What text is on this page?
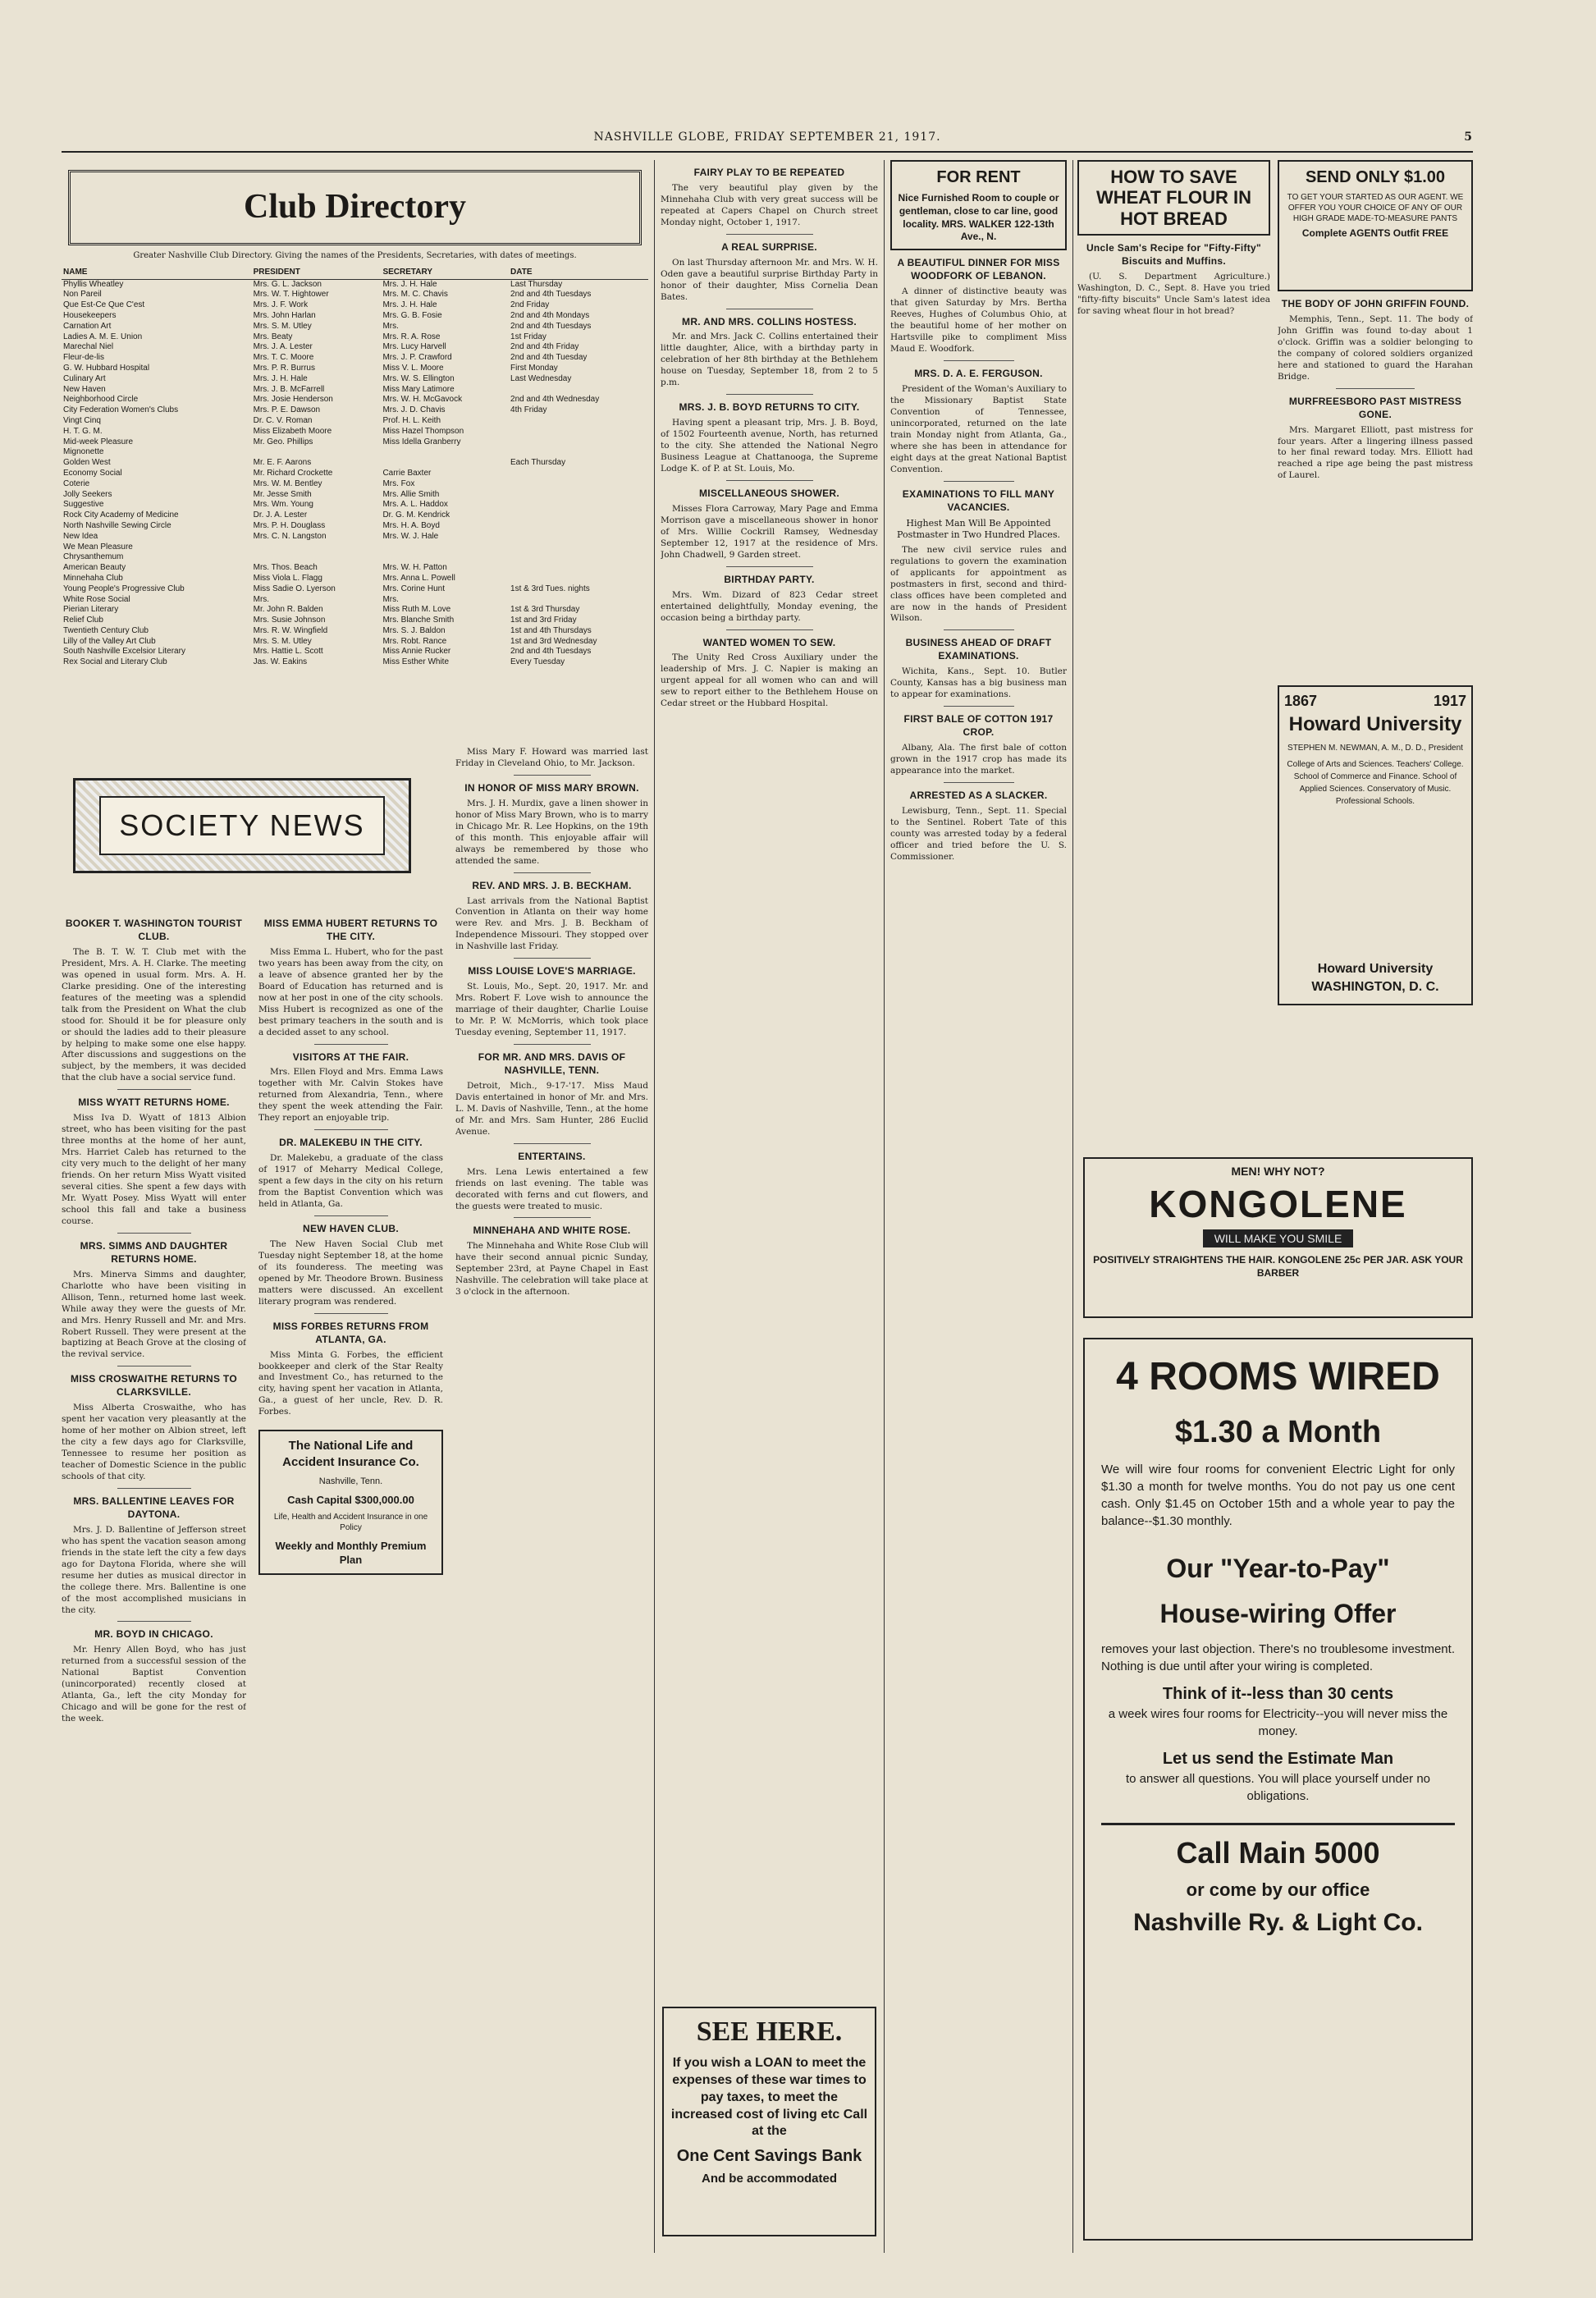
NASHVILLE GLOBE, FRIDAY SEPTEMBER 21, 1917.	5
Club Directory
Greater Nashville Club Directory. Giving the names of the Presidents, Secretaries, with dates of meetings.
NAME	PRESIDENT	SECRETARY	DATE
Phyllis Wheatley	Mrs. G. L. Jackson	Mrs. J. H. Hale	Last Thursday
Non Pareil	Mrs. W. T. Hightower	Mrs. M. C. Chavis	2nd and 4th Tuesdays
Que Est-Ce Que C'est	Mrs. J. F. Work	Mrs. J. H. Hale	2nd Friday
Housekeepers	Mrs. John Harlan	Mrs. G. B. Fosie	2nd and 4th Mondays
Carnation Art	Mrs. S. M. Utley	Mrs.	2nd and 4th Tuesdays
Ladies A. M. E. Union	Mrs. Beaty	Mrs. R. A. Rose	1st Friday
Marechal Niel	Mrs. J. A. Lester	Mrs. Lucy Harvell	2nd and 4th Friday
Fleur-de-lis	Mrs. T. C. Moore	Mrs. J. P. Crawford	2nd and 4th Tuesday
G. W. Hubbard Hospital	Mrs. P. R. Burrus	Miss V. L. Moore	First Monday
Culinary Art	Mrs. J. H. Hale	Mrs. W. S. Ellington	Last Wednesday
New Haven	Mrs. J. B. McFarrell	Miss Mary Latimore	
Neighborhood Circle	Mrs. Josie Henderson	Mrs. W. H. McGavock	2nd and 4th Wednesday
City Federation Women's Clubs	Mrs. P. E. Dawson	Mrs. J. D. Chavis	4th Friday
Vingt Cinq	Dr. C. V. Roman	Prof. H. L. Keith	
H. T. G. M.	Miss Elizabeth Moore	Miss Hazel Thompson	
Mid-week Pleasure	Mr. Geo. Phillips	Miss Idella Granberry	
Mignonette			
Golden West	Mr. E. F. Aarons		Each Thursday
Economy Social	Mr. Richard Crockette	Carrie Baxter	
Coterie	Mrs. W. M. Bentley	Mrs. Fox	
Jolly Seekers	Mr. Jesse Smith	Mrs. Allie Smith	
Suggestive	Mrs. Wm. Young	Mrs. A. L. Haddox	
Rock City Academy of Medicine	Dr. J. A. Lester	Dr. G. M. Kendrick	
North Nashville Sewing Circle	Mrs. P. H. Douglass	Mrs. H. A. Boyd	
New Idea	Mrs. C. N. Langston	Mrs. W. J. Hale	
We Mean Pleasure			
Chrysanthemum			
American Beauty	Mrs. Thos. Beach	Mrs. W. H. Patton	
Minnehaha Club	Miss Viola L. Flagg	Mrs. Anna L. Powell	
Young People's Progressive Club	Miss Sadie O. Lyerson	Mrs. Corine Hunt	1st & 3rd Tues. nights
White Rose Social	Mrs.	Mrs.	
Pierian Literary	Mr. John R. Balden	Miss Ruth M. Love	1st & 3rd Thursday
Relief Club	Mrs. Susie Johnson	Mrs. Blanche Smith	1st and 3rd Friday
Twentieth Century Club	Mrs. R. W. Wingfield	Mrs. S. J. Baldon	1st and 4th Thursdays
Lilly of the Valley Art Club	Mrs. S. M. Utley	Mrs. Robt. Rance	1st and 3rd Wednesday
South Nashville Excelsior Literary	Mrs. Hattie L. Scott	Miss Annie Rucker	2nd and 4th Tuesdays
Rex Social and Literary Club	Jas. W. Eakins	Miss Esther White	Every Tuesday
SOCIETY NEWS
BOOKER T. WASHINGTON TOURIST CLUB.

The B. T. W. T. Club met with the President, Mrs. A. H. Clarke. The meeting was opened in usual form. Mrs. A. H. Clarke presiding. One of the interesting features of the meeting was a splendid talk from the President on What the club stood for. Should it be for pleasure only or should the ladies add to their pleasure by helping to make some one else happy. After discussions and suggestions on the subject, by the members, it was decided that the club have a social service fund.

MISS WYATT RETURNS HOME.

Miss Iva D. Wyatt of 1813 Albion street, who has been visiting for the past three months at the home of her aunt, Mrs. Harriet Caleb has returned to the city very much to the delight of her many friends. On her return Miss Wyatt visited several cities. She spent a few days with Mr. Wyatt Posey. Miss Wyatt will enter school this fall and take a business course.

MRS. SIMMS AND DAUGHTER RETURNS HOME.

Mrs. Minerva Simms and daughter, Charlotte who have been visiting in Allison, Tenn., returned home last week. While away they were the guests of Mr. and Mrs. Henry Russell and Mr. and Mrs. Robert Russell. They were present at the baptizing at Beach Grove at the closing of the revival service.

MISS CROSWAITHE RETURNS TO CLARKSVILLE.

Miss Alberta Croswaithe, who has spent her vacation very pleasantly at the home of her mother on Albion street, left the city a few days ago for Clarksville, Tennessee to resume her position as teacher of Domestic Science in the public schools of that city.

MRS. BALLENTINE LEAVES FOR DAYTONA.

Mrs. J. D. Ballentine of Jefferson street who has spent the vacation season among friends in the state left the city a few days ago for Daytona Florida, where she will resume her duties as musical director in the college there. Mrs. Ballentine is one of the most accomplished musicians in the city.

MR. BOYD IN CHICAGO.

Mr. Henry Allen Boyd, who has just returned from a successful session of the National Baptist Convention (unincorporated) recently closed at Atlanta, Ga., left the city Monday for Chicago and will be gone for the rest of the week.

MISS EMMA HUBERT RETURNS TO THE CITY.

Miss Emma L. Hubert, who for the past two years has been away from the city, on a leave of absence granted her by the Board of Education has returned and is now at her post in one of the city schools. Miss Hubert is recognized as one of the best primary teachers in the south and is a decided asset to any school.

VISITORS AT THE FAIR.

Mrs. Ellen Floyd and Mrs. Emma Laws together with Mr. Calvin Stokes have returned from Alexandria, Tenn., where they spent the week attending the Fair. They report an enjoyable trip.

DR. MALEKEBU IN THE CITY.

Dr. Malekebu, a graduate of the class of 1917 of Meharry Medical College, spent a few days in the city on his return from the Baptist Convention which was held in Atlanta, Ga.

NEW HAVEN CLUB.

The New Haven Social Club met Tuesday night September 18, at the home of its founderess. The meeting was opened by Mr. Theodore Brown. Business matters were discussed. An excellent literary program was rendered.

MISS FORBES RETURNS FROM ATLANTA, GA.

Miss Minta G. Forbes, the efficient bookkeeper and clerk of the Star Realty and Investment Co., has returned to the city, having spent her vacation in Atlanta, Ga., a guest of her uncle, Rev. D. R. Forbes.

The National Life and Accident Insurance Co.
Nashville, Tenn.
Cash Capital $300,000.00
Life, Health and Accident Insurance in one Policy
Weekly and Monthly Premium Plan

Miss Mary F. Howard was married last Friday in Cleveland Ohio, to Mr. Jackson.

IN HONOR OF MISS MARY BROWN.

Mrs. J. H. Murdix, gave a linen shower in honor of Miss Mary Brown, who is to marry in Chicago Mr. R. Lee Hopkins, on the 19th of this month. This enjoyable affair will always be remembered by those who attended the same.

REV. AND MRS. J. B. BECKHAM.

Last arrivals from the National Baptist Convention in Atlanta on their way home were Rev. and Mrs. J. B. Beckham of Independence Missouri. They stopped over in Nashville last Friday.

MISS LOUISE LOVE'S MARRIAGE.

St. Louis, Mo., Sept. 20, 1917. Mr. and Mrs. Robert F. Love wish to announce the marriage of their daughter, Charlie Louise to Mr. P. W. McMorris, which took place Tuesday evening, September 11, 1917.

FOR MR. AND MRS. DAVIS OF NASHVILLE, TENN.

Detroit, Mich., 9-17-'17. Miss Maud Davis entertained in honor of Mr. and Mrs. L. M. Davis of Nashville, Tenn., at the home of Mr. and Mrs. Sam Hunter, 286 Euclid Avenue.

ENTERTAINS.

Mrs. Lena Lewis entertained a few friends on last evening. The table was decorated with ferns and cut flowers, and the guests were treated to music.

MINNEHAHA AND WHITE ROSE.

The Minnehaha and White Rose Club will have their second annual picnic Sunday, September 23rd, at Payne Chapel in East Nashville. The celebration will take place at 3 o'clock in the afternoon.

FAIRY PLAY TO BE REPEATED

The very beautiful play given by the Minnehaha Club with very great success will be repeated at Capers Chapel on Church street Monday night, October 1, 1917.

A REAL SURPRISE.

On last Thursday afternoon Mr. and Mrs. W. H. Oden gave a beautiful surprise Birthday Party in honor of their daughter, Miss Cornelia Dean Bates.

MR. AND MRS. COLLINS HOSTESS.

Mr. and Mrs. Jack C. Collins entertained their little daughter, Alice, with a birthday party in celebration of her 8th birthday at the Bethlehem house on Tuesday, September 18, from 2 to 5 p.m.

MRS. J. B. BOYD RETURNS TO CITY.

Having spent a pleasant trip, Mrs. J. B. Boyd, of 1502 Fourteenth avenue, North, has returned to the city. She attended the National Negro Business League at Chattanooga, the Supreme Lodge K. of P. at St. Louis, Mo.

MISCELLANEOUS SHOWER.

Misses Flora Carroway, Mary Page and Emma Morrison gave a miscellaneous shower in honor of Mrs. Willie Cockrill Ramsey, Wednesday September 12, 1917 at the residence of Mrs. John Chadwell, 9 Garden street.

BIRTHDAY PARTY.

Mrs. Wm. Dizard of 823 Cedar street entertained delightfully, Monday evening, the occasion being a birthday party.

WANTED WOMEN TO SEW.

The Unity Red Cross Auxiliary under the leadership of Mrs. J. C. Napier is making an urgent appeal for all women who can and will sew to report either to the Bethlehem House on Cedar street or the Hubbard Hospital.

SEE HERE.
If you wish a LOAN to meet the expenses of these war times to pay taxes, to meet the increased cost of living etc Call at the
One Cent Savings Bank
And be accommodated
FOR RENT
Nice Furnished Room to couple or gentleman, close to car line, good locality. MRS. WALKER 122-13th Ave., N.
A BEAUTIFUL DINNER FOR MISS WOODFORK OF LEBANON.

A dinner of distinctive beauty was that given Saturday by Mrs. Bertha Reeves, Hughes of Columbus Ohio, at the beautiful home of her mother on Hartsville pike to compliment Miss Maud E. Woodfork.

MRS. D. A. E. FERGUSON.

President of the Woman's Auxiliary to the Missionary Baptist State Convention of Tennessee, unincorporated, returned on the late train Monday night from Atlanta, Ga., where she has been in attendance for eight days at the great National Baptist Convention.

EXAMINATIONS TO FILL MANY VACANCIES.
Highest Man Will Be Appointed Postmaster in Two Hundred Places.

The new civil service rules and regulations to govern the examination of applicants for appointment as postmasters in first, second and third-class offices have been completed and are now in the hands of President Wilson.

BUSINESS AHEAD OF DRAFT EXAMINATIONS.

Wichita, Kans., Sept. 10. Butler County, Kansas has a big business man to appear for examinations.

FIRST BALE OF COTTON 1917 CROP.

Albany, Ala. The first bale of cotton grown in the 1917 crop has made its appearance into the market.

ARRESTED AS A SLACKER.

Lewisburg, Tenn., Sept. 11. Special to the Sentinel. Robert Tate of this county was arrested today by a federal officer and tried before the U. S. Commissioner.

HOW TO SAVE WHEAT FLOUR IN HOT BREAD
Uncle Sam's Recipe for "Fifty-Fifty" Biscuits and Muffins.

(U. S. Department Agriculture.) Washington, D. C., Sept. 8. Have you tried "fifty-fifty biscuits" Uncle Sam's latest idea for saving wheat flour in hot bread?

SEND ONLY $1.00
TO GET YOUR STARTED AS OUR AGENT. WE OFFER YOU YOUR CHOICE OF ANY OF OUR HIGH GRADE MADE-TO-MEASURE PANTS
Complete AGENTS Outfit FREE
THE BODY OF JOHN GRIFFIN FOUND.

Memphis, Tenn., Sept. 11. The body of John Griffin was found to-day about 1 o'clock. Griffin was a soldier belonging to the company of colored soldiers organized here and stationed to guard the Harahan Bridge.

MURFREESBORO PAST MISTRESS GONE.

Mrs. Margaret Elliott, past mistress for four years. After a lingering illness passed to her final reward today. Mrs. Elliott had reached a ripe age being the past mistress of Laurel.

1867	1917
Howard University
STEPHEN M. NEWMAN, A. M., D. D., President
College of Arts and Sciences. Teachers' College. School of Commerce and Finance. School of Applied Sciences. Conservatory of Music. Professional Schools.
Howard University WASHINGTON, D. C.
MEN! WHY NOT?
KONGOLENE
WILL MAKE YOU SMILE
POSITIVELY STRAIGHTENS THE HAIR. KONGOLENE 25c PER JAR. ASK YOUR BARBER
4 ROOMS WIRED
$1.30 a Month
We will wire four rooms for convenient Electric Light for only $1.30 a month for twelve months. You do not pay us one cent cash. Only $1.45 on October 15th and a whole year to pay the balance--$1.30 monthly.
Our "Year-to-Pay"
House-wiring Offer
removes your last objection. There's no troublesome investment. Nothing is due until after your wiring is completed.
Think of it--less than 30 cents
a week wires four rooms for Electricity--you will never miss the money.
Let us send the Estimate Man
to answer all questions. You will place yourself under no obligations.
Call Main 5000
or come by our office
Nashville Ry. & Light Co.
